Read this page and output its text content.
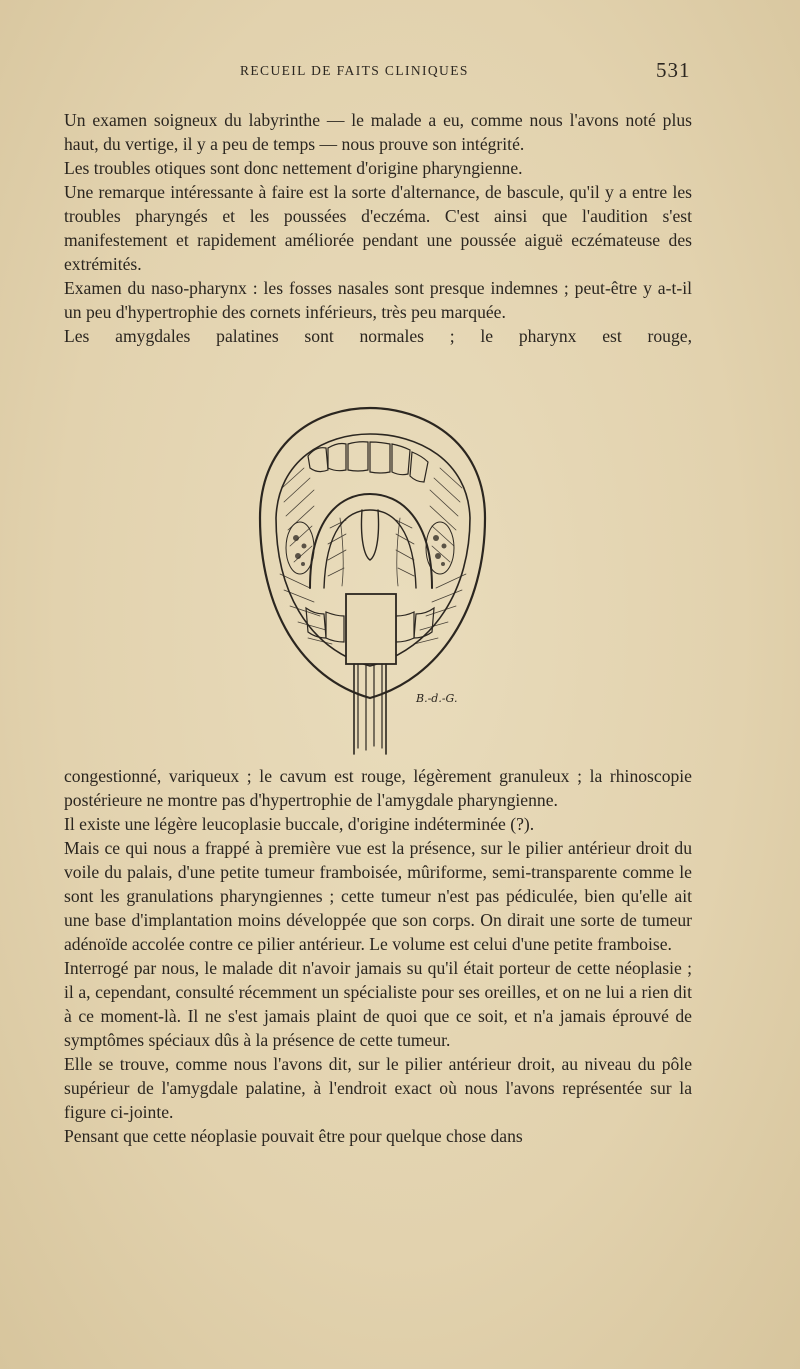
RECUEIL DE FAITS CLINIQUES	531

Un examen soigneux du labyrinthe — le malade a eu, comme nous l'avons noté plus haut, du vertige, il y a peu de temps — nous prouve son intégrité.

Les troubles otiques sont donc nettement d'origine pharyngienne.

Une remarque intéressante à faire est la sorte d'alternance, de bascule, qu'il y a entre les troubles pharyngés et les poussées d'eczéma. C'est ainsi que l'audition s'est manifestement et rapidement améliorée pendant une poussée aiguë eczémateuse des extrémités.

Examen du naso-pharynx : les fosses nasales sont presque indemnes ; peut-être y a-t-il un peu d'hypertrophie des cornets inférieurs, très peu marquée.

Les amygdales palatines sont normales ; le pharynx est rouge,

B.-d.-G.

congestionné, variqueux ; le cavum est rouge, légèrement granuleux ; la rhinoscopie postérieure ne montre pas d'hypertrophie de l'amygdale pharyngienne.

Il existe une légère leucoplasie buccale, d'origine indéterminée (?).

Mais ce qui nous a frappé à première vue est la présence, sur le pilier antérieur droit du voile du palais, d'une petite tumeur framboisée, mûriforme, semi-transparente comme le sont les granulations pharyngiennes ; cette tumeur n'est pas pédiculée, bien qu'elle ait une base d'implantation moins développée que son corps. On dirait une sorte de tumeur adénoïde accolée contre ce pilier antérieur. Le volume est celui d'une petite framboise.

Interrogé par nous, le malade dit n'avoir jamais su qu'il était porteur de cette néoplasie ; il a, cependant, consulté récemment un spécialiste pour ses oreilles, et on ne lui a rien dit à ce moment-là. Il ne s'est jamais plaint de quoi que ce soit, et n'a jamais éprouvé de symptômes spéciaux dûs à la présence de cette tumeur.

Elle se trouve, comme nous l'avons dit, sur le pilier antérieur droit, au niveau du pôle supérieur de l'amygdale palatine, à l'endroit exact où nous l'avons représentée sur la figure ci-jointe.

Pensant que cette néoplasie pouvait être pour quelque chose dans
